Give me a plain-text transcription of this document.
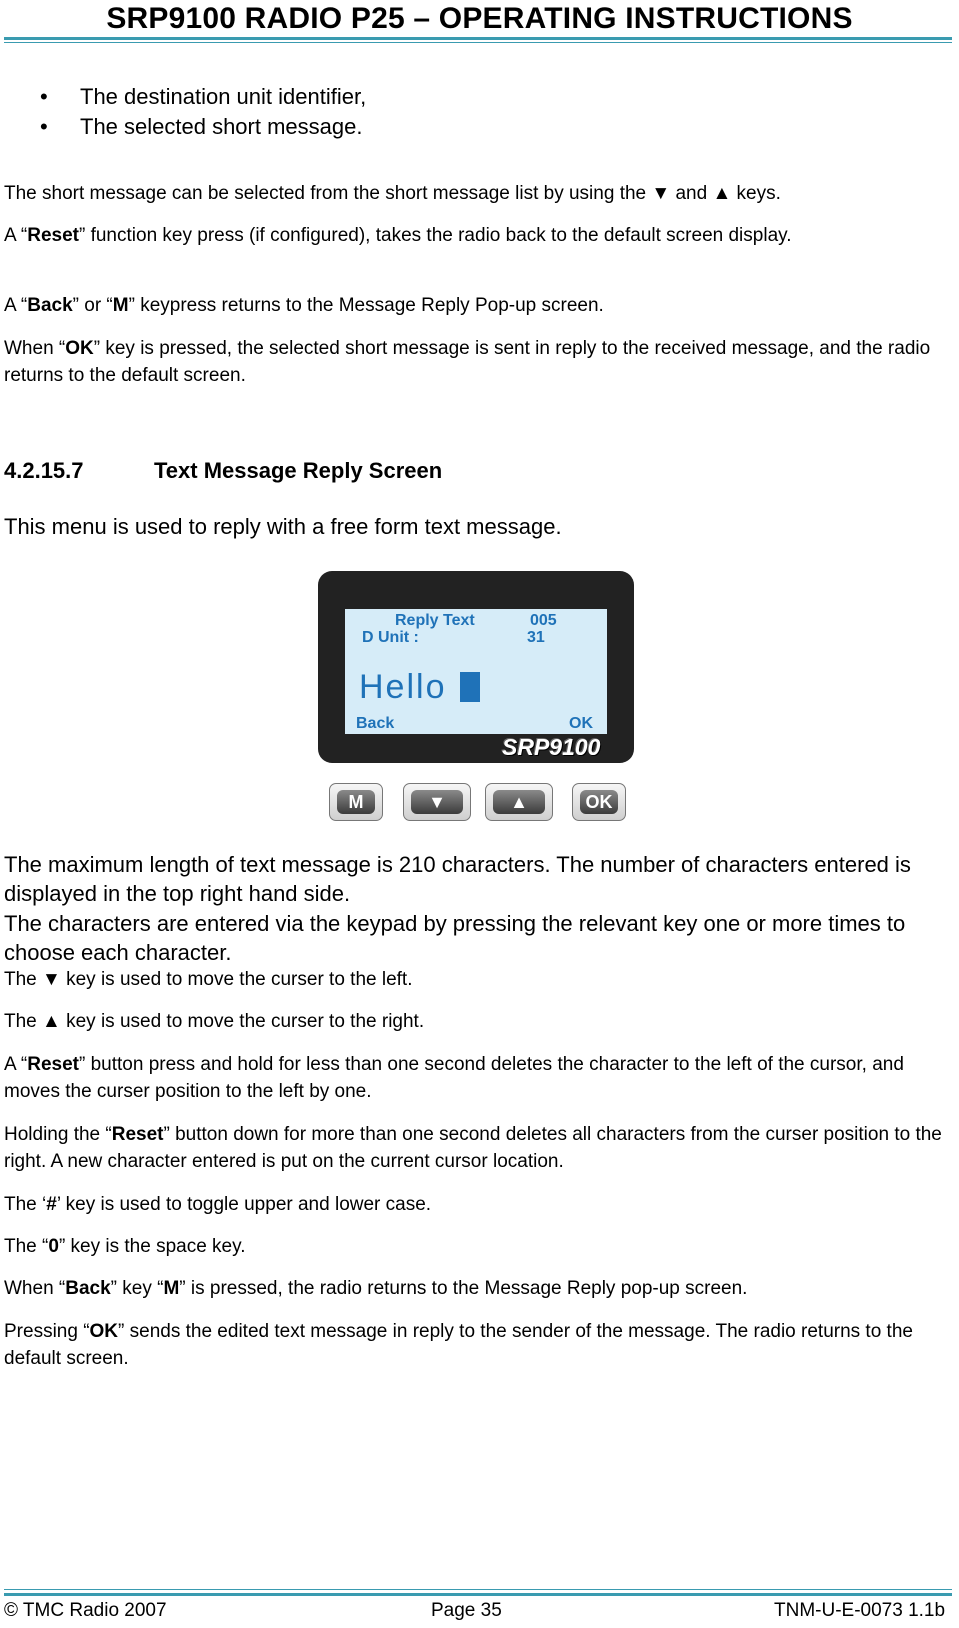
SRP9100 RADIO P25 – OPERATING INSTRUCTIONS
• The destination unit identifier,
• The selected short message.
The short message can be selected from the short message list by using the ▼ and ▲ keys.
A “Reset” function key press (if configured), takes the radio back to the default screen display.
A “Back” or “M” keypress returns to the Message Reply Pop-up screen.
When “OK” key is pressed, the selected short message is sent in reply to the received message, and the radio returns to the default screen.
4.2.15.7	Text Message Reply Screen
This menu is used to reply with a free form text message.
Reply Text	005
D Unit :	31
Hello
Back	OK
SRP9100
M	▼	▲	OK
The maximum length of text message is 210 characters. The number of characters entered is displayed in the top right hand side.
The characters are entered via the keypad by pressing the relevant key one or more times to choose each character.
The ▼ key is used to move the curser to the left.
The ▲ key is used to move the curser to the right.
A “Reset” button press and hold for less than one second deletes the character to the left of the cursor, and moves the curser position to the left by one.
Holding the “Reset” button down for more than one second deletes all characters from the curser position to the right. A new character entered is put on the current cursor location.
The ‘#’ key is used to toggle upper and lower case.
The “0” key is the space key.
When “Back” key “M” is pressed, the radio returns to the Message Reply pop-up screen.
Pressing “OK” sends the edited text message in reply to the sender of the message. The radio returns to the default screen.
© TMC Radio 2007	Page 35	TNM-U-E-0073 1.1b
